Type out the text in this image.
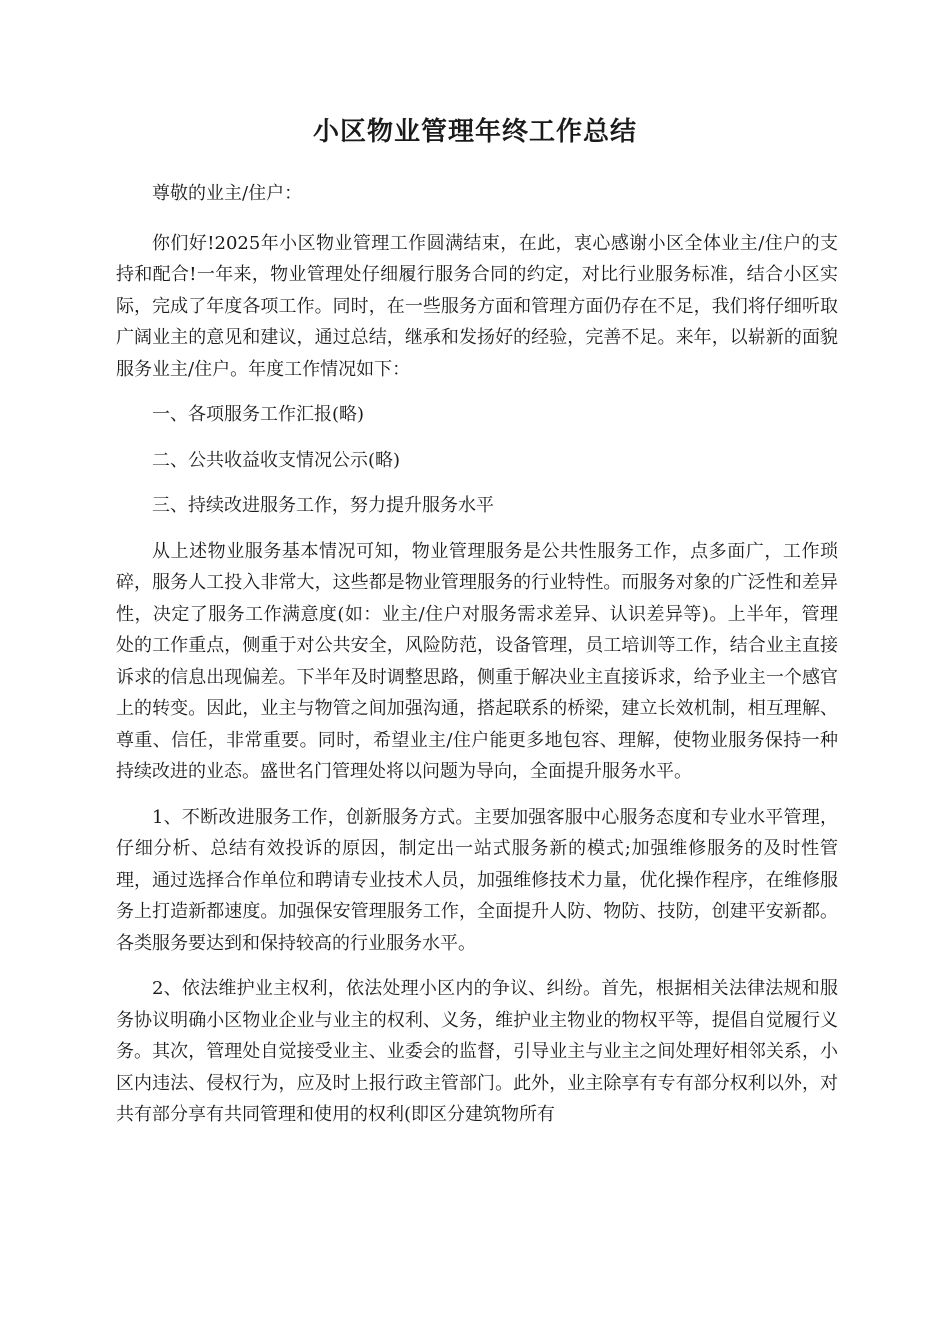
小区物业管理年终工作总结

尊敬的业主/住户：

你们好!2025年小区物业管理工作圆满结束，在此，衷心感谢小区全体业主/住户的支持和配合!一年来，物业管理处仔细履行服务合同的约定，对比行业服务标准，结合小区实际，完成了年度各项工作。同时，在一些服务方面和管理方面仍存在不足，我们将仔细听取广阔业主的意见和建议，通过总结，继承和发扬好的经验，完善不足。来年，以崭新的面貌服务业主/住户。年度工作情况如下：

一、各项服务工作汇报(略)

二、公共收益收支情况公示(略)

三、持续改进服务工作，努力提升服务水平

从上述物业服务基本情况可知，物业管理服务是公共性服务工作，点多面广，工作琐碎，服务人工投入非常大，这些都是物业管理服务的行业特性。而服务对象的广泛性和差异性，决定了服务工作满意度(如：业主/住户对服务需求差异、认识差异等)。上半年，管理处的工作重点，侧重于对公共安全，风险防范，设备管理，员工培训等工作，结合业主直接诉求的信息出现偏差。下半年及时调整思路，侧重于解决业主直接诉求，给予业主一个感官上的转变。因此，业主与物管之间加强沟通，搭起联系的桥梁，建立长效机制，相互理解、尊重、信任，非常重要。同时，希望业主/住户能更多地包容、理解，使物业服务保持一种持续改进的业态。盛世名门管理处将以问题为导向，全面提升服务水平。

1、不断改进服务工作，创新服务方式。主要加强客服中心服务态度和专业水平管理，仔细分析、总结有效投诉的原因，制定出一站式服务新的模式;加强维修服务的及时性管理，通过选择合作单位和聘请专业技术人员，加强维修技术力量，优化操作程序，在维修服务上打造新都速度。加强保安管理服务工作，全面提升人防、物防、技防，创建平安新都。各类服务要达到和保持较高的行业服务水平。

2、依法维护业主权利，依法处理小区内的争议、纠纷。首先，根据相关法律法规和服务协议明确小区物业企业与业主的权利、义务，维护业主物业的物权平等，提倡自觉履行义务。其次，管理处自觉接受业主、业委会的监督，引导业主与业主之间处理好相邻关系，小区内违法、侵权行为，应及时上报行政主管部门。此外，业主除享有专有部分权利以外，对共有部分享有共同管理和使用的权利(即区分建筑物所有
